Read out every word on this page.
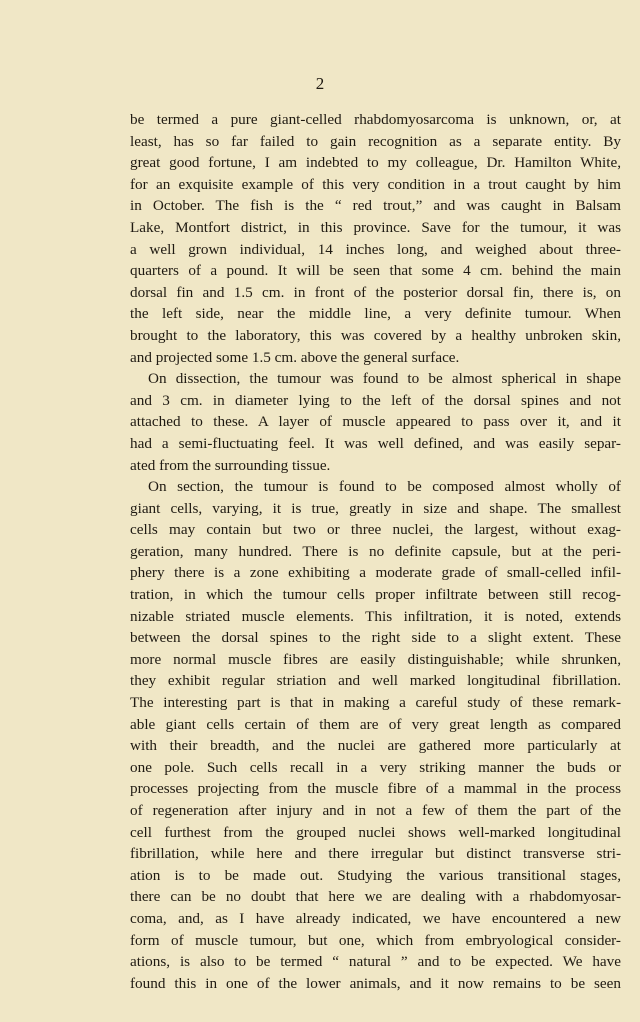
2
be termed a pure giant-celled rhabdomyosarcoma is unknown, or, at
least, has so far failed to gain recognition as a separate entity. By
great good fortune, I am indebted to my colleague, Dr. Hamilton White,
for an exquisite example of this very condition in a trout caught by him
in October. The fish is the “ red trout,” and was caught in Balsam
Lake, Montfort district, in this province. Save for the tumour, it was
a well grown individual, 14 inches long, and weighed about three-
quarters of a pound. It will be seen that some 4 cm. behind the main
dorsal fin and 1.5 cm. in front of the posterior dorsal fin, there is, on
the left side, near the middle line, a very definite tumour. When
brought to the laboratory, this was covered by a healthy unbroken skin,
and projected some 1.5 cm. above the general surface.
On dissection, the tumour was found to be almost spherical in shape
and 3 cm. in diameter lying to the left of the dorsal spines and not
attached to these. A layer of muscle appeared to pass over it, and it
had a semi-fluctuating feel. It was well defined, and was easily separ-
ated from the surrounding tissue.
On section, the tumour is found to be composed almost wholly of
giant cells, varying, it is true, greatly in size and shape. The smallest
cells may contain but two or three nuclei, the largest, without exag-
geration, many hundred. There is no definite capsule, but at the peri-
phery there is a zone exhibiting a moderate grade of small-celled infil-
tration, in which the tumour cells proper infiltrate between still recog-
nizable striated muscle elements. This infiltration, it is noted, extends
between the dorsal spines to the right side to a slight extent. These
more normal muscle fibres are easily distinguishable; while shrunken,
they exhibit regular striation and well marked longitudinal fibrillation.
The interesting part is that in making a careful study of these remark-
able giant cells certain of them are of very great length as compared
with their breadth, and the nuclei are gathered more particularly at
one pole. Such cells recall in a very striking manner the buds or
processes projecting from the muscle fibre of a mammal in the process
of regeneration after injury and in not a few of them the part of the
cell furthest from the grouped nuclei shows well-marked longitudinal
fibrillation, while here and there irregular but distinct transverse stri-
ation is to be made out. Studying the various transitional stages,
there can be no doubt that here we are dealing with a rhabdomyosar-
coma, and, as I have already indicated, we have encountered a new
form of muscle tumour, but one, which from embryological consider-
ations, is also to be termed “ natural ” and to be expected. We have
found this in one of the lower animals, and it now remains to be seen
